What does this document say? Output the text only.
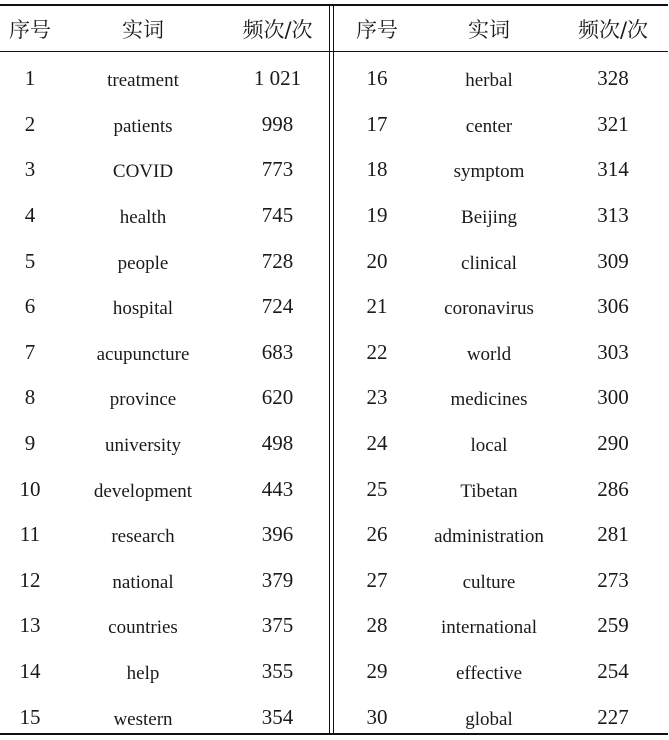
序号	实词	频次/次
1	treatment	1 021
2	patients	998
3	COVID	773
4	health	745
5	people	728
6	hospital	724
7	acupuncture	683
8	province	620
9	university	498
10	development	443
11	research	396
12	national	379
13	countries	375
14	help	355
15	western	354
序号	实词	频次/次
16	herbal	328
17	center	321
18	symptom	314
19	Beijing	313
20	clinical	309
21	coronavirus	306
22	world	303
23	medicines	300
24	local	290
25	Tibetan	286
26	administration	281
27	culture	273
28	international	259
29	effective	254
30	global	227
